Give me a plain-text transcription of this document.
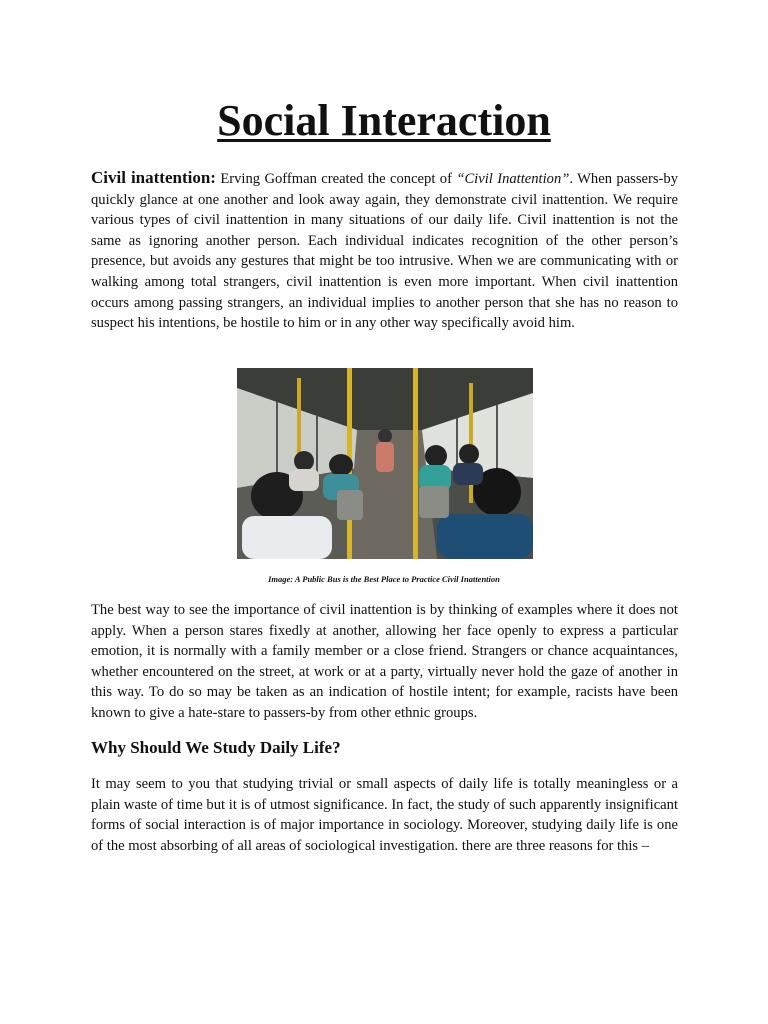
Social Interaction

Civil inattention: Erving Goffman created the concept of “Civil Inattention”. When passers-by quickly glance at one another and look away again, they demonstrate civil inattention. We require various types of civil inattention in many situations of our daily life. Civil inattention is not the same as ignoring another person. Each individual indicates recognition of the other person’s presence, but avoids any gestures that might be too intrusive. When we are communicating with or walking among total strangers, civil inattention is even more important. When civil inattention occurs among passing strangers, an individual implies to another person that she has no reason to suspect his intentions, be hostile to him or in any other way specifically avoid him.

Image: A Public Bus is the Best Place to Practice Civil Inattention

The best way to see the importance of civil inattention is by thinking of examples where it does not apply. When a person stares fixedly at another, allowing her face openly to express a particular emotion, it is normally with a family member or a close friend. Strangers or chance acquaintances, whether encountered on the street, at work or at a party, virtually never hold the gaze of another in this way. To do so may be taken as an indication of hostile intent; for example, racists have been known to give a hate-stare to passers-by from other ethnic groups.

Why Should We Study Daily Life?

It may seem to you that studying trivial or small aspects of daily life is totally meaningless or a plain waste of time but it is of utmost significance. In fact, the study of such apparently insignificant forms of social interaction is of major importance in sociology. Moreover, studying daily life is one of the most absorbing of all areas of sociological investigation. there are three reasons for this –
